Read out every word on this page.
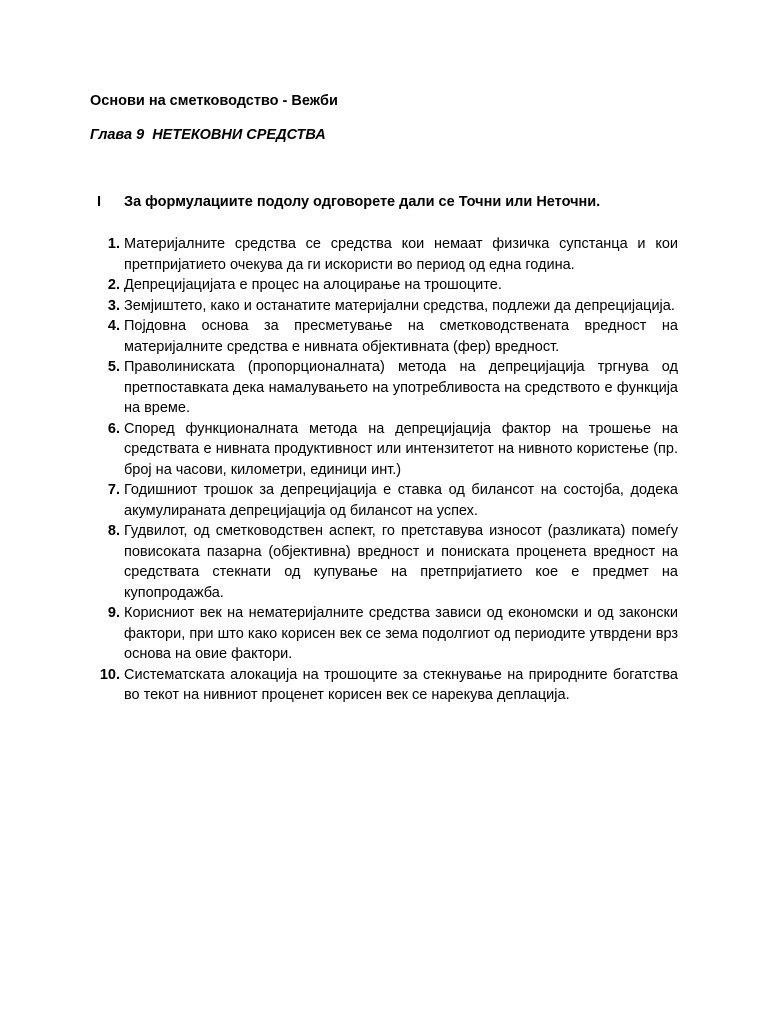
Основи на сметководство - Вежби
Глава 9  НЕТЕКОВНИ СРЕДСТВА
I За формулациите подолу одговорете дали се Точни или Неточни.
1. Материјалните средства се средства кои немаат физичка супстанца и кои претпријатието очекува да ги искористи во период од една година.
2. Депрецијацијата е процес на алоцирање на трошоците.
3. Земјиштето, како и останатите материјални средства, подлежи да депрецијација.
4. Појдовна основа за пресметување на сметководствената вредност на материјалните средства е нивната објективната (фер) вредност.
5. Праволиниската (пропорционалната) метода на депрецијација тргнува од претпоставката дека намалувањето на употребливоста на средството е функција на време.
6. Според функционалната метода на депрецијација фактор на трошење на средствата е нивната продуктивност или интензитетот на нивното користење (пр. број на часови, километри, единици инт.)
7. Годишниот трошок за депрецијација е ставка од билансот на состојба, додека акумулираната депрецијација од билансот на успех.
8. Гудвилот, од сметководствен аспект, го претставува износот (разликата) помеѓу повисоката пазарна (објективна) вредност и пониската проценета вредност на средствата стекнати од купување на претпријатието кое е предмет на купопродажба.
9. Корисниот век на нематеријалните средства зависи од економски и од законски фактори, при што како корисен век се зема подолгиот од периодите утврдени врз основа на овие фактори.
10. Систематската алокација на трошоците за стекнување на природните богатства во текот на нивниот проценет корисен век се нарекува деплација.
